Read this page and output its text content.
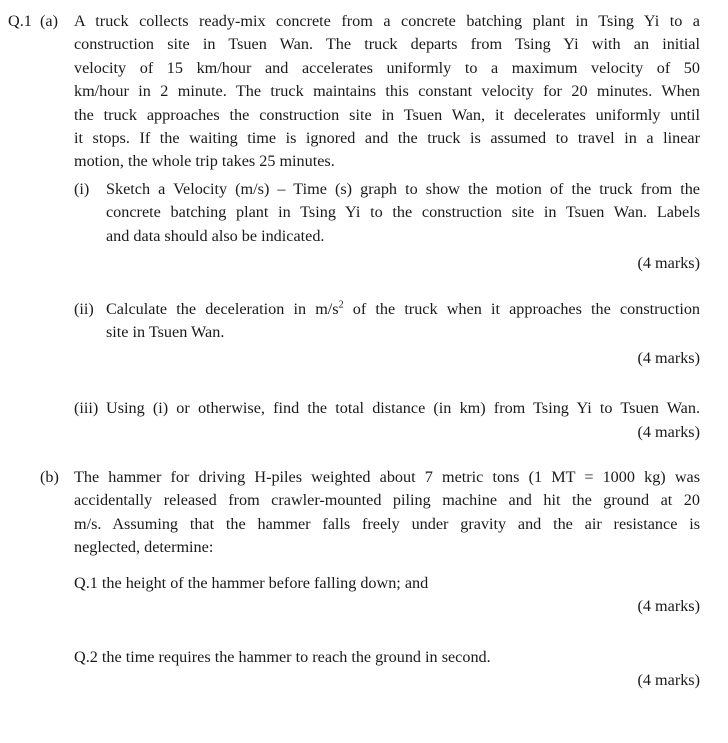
Q.1 (a) A truck collects ready-mix concrete from a concrete batching plant in Tsing Yi to a
construction site in Tsuen Wan. The truck departs from Tsing Yi with an initial
velocity of 15 km/hour and accelerates uniformly to a maximum velocity of 50
km/hour in 2 minute. The truck maintains this constant velocity for 20 minutes. When
the truck approaches the construction site in Tsuen Wan, it decelerates uniformly until
it stops. If the waiting time is ignored and the truck is assumed to travel in a linear
motion, the whole trip takes 25 minutes.
(i) Sketch a Velocity (m/s) – Time (s) graph to show the motion of the truck from the
concrete batching plant in Tsing Yi to the construction site in Tsuen Wan. Labels
and data should also be indicated.
(4 marks)
(ii) Calculate the deceleration in $m/s^2$ of the truck when it approaches the construction
site in Tsuen Wan.
(4 marks)
(iii) Using (i) or otherwise, find the total distance (in km) from Tsing Yi to Tsuen Wan.
(4 marks)
(b) The hammer for driving H-piles weighted about 7 metric tons (1 MT = 1000 kg) was
accidentally released from crawler-mounted piling machine and hit the ground at 20
m/s. Assuming that the hammer falls freely under gravity and the air resistance is
neglected, determine:
Q.1 the height of the hammer before falling down; and
(4 marks)
Q.2 the time requires the hammer to reach the ground in second.
(4 marks)
